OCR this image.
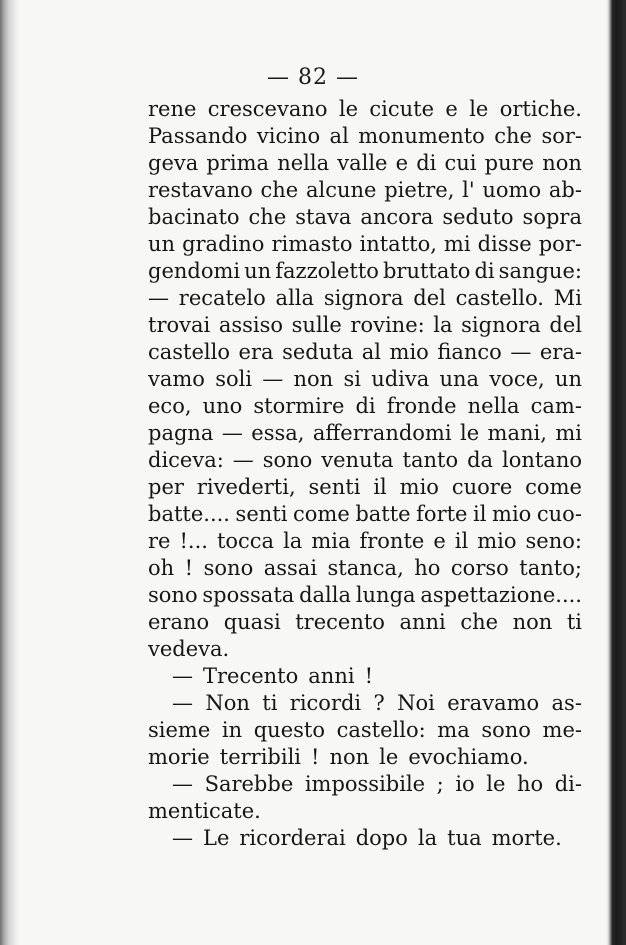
— 82 —
rene crescevano le cicute e le ortiche.
Passando vicino al monumento che sor-
geva prima nella valle e di cui pure non
restavano che alcune pietre, l' uomo ab-
bacinato che stava ancora seduto sopra
un gradino rimasto intatto, mi disse por-
gendomi un fazzoletto bruttato di sangue:
— recatelo alla signora del castello. Mi
trovai assiso sulle rovine: la signora del
castello era seduta al mio fianco — era-
vamo soli — non si udiva una voce, un
eco, uno stormire di fronde nella cam-
pagna — essa, afferrandomi le mani, mi
diceva: — sono venuta tanto da lontano
per rivederti, senti il mio cuore come
batte.... senti come batte forte il mio cuo-
re !... tocca la mia fronte e il mio seno:
oh ! sono assai stanca, ho corso tanto;
sono spossata dalla lunga aspettazione....
erano quasi trecento anni che non ti
vedeva.
— Trecento anni !
— Non ti ricordi ? Noi eravamo as-
sieme in questo castello: ma sono me-
morie terribili ! non le evochiamo.
— Sarebbe impossibile ; io le ho di-
menticate.
— Le ricorderai dopo la tua morte.
